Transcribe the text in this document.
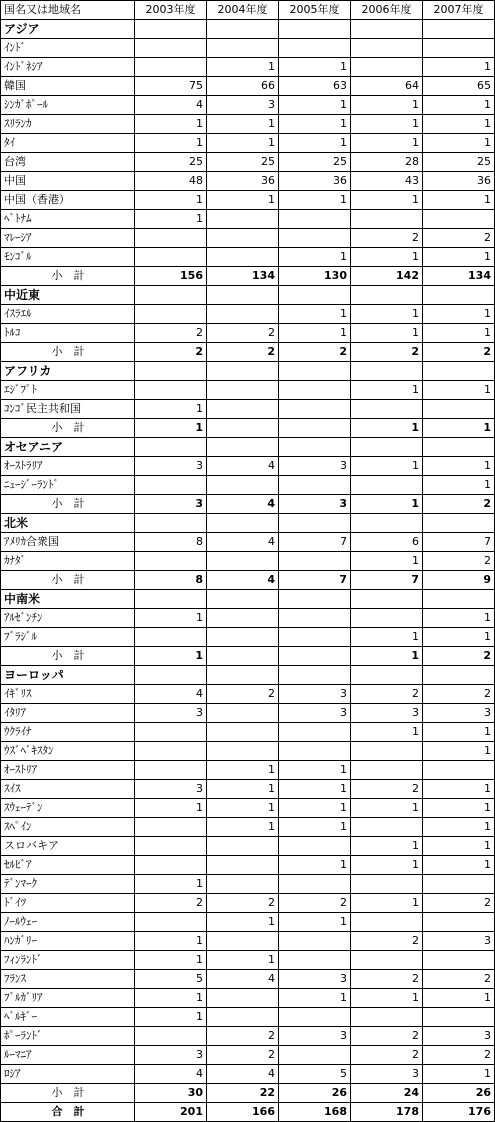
国名又は地域名	2003年度	2004年度	2005年度	2006年度	2007年度
アジア					
ｲﾝﾄﾞ					
ｲﾝﾄﾞﾈｼｱ		1	1		1
韓国	75	66	63	64	65
ｼﾝｶﾞﾎﾟｰﾙ	4	3	1	1	1
ｽﾘﾗﾝｶ	1	1	1	1	1
ﾀｲ	1	1	1	1	1
台湾	25	25	25	28	25
中国	48	36	36	43	36
中国（香港）	1	1	1	1	1
ﾍﾞﾄﾅﾑ	1				
ﾏﾚｰｼｱ				2	2
ﾓﾝｺﾞﾙ			1	1	1
小　計	156	134	130	142	134
中近東					
ｲｽﾗｴﾙ			1	1	1
ﾄﾙｺ	2	2	1	1	1
小　計	2	2	2	2	2
アフリカ					
ｴｼﾞﾌﾟﾄ				1	1
ｺﾝｺﾞ民主共和国	1				
小　計	1			1	1
オセアニア					
ｵｰｽﾄﾗﾘｱ	3	4	3	1	1
ﾆｭｰｼﾞｰﾗﾝﾄﾞ					1
小　計	3	4	3	1	2
北米					
ｱﾒﾘｶ合衆国	8	4	7	6	7
ｶﾅﾀﾞ				1	2
小　計	8	4	7	7	9
中南米					
ｱﾙｾﾞﾝﾁﾝ	1				1
ﾌﾞﾗｼﾞﾙ				1	1
小　計	1			1	2
ヨーロッパ					
ｲｷﾞﾘｽ	4	2	3	2	2
ｲﾀﾘｱ	3		3	3	3
ｳｸﾗｲﾅ				1	1
ｳｽﾞﾍﾞｷｽﾀﾝ					1
ｵｰｽﾄﾘｱ		1	1		
ｽｲｽ	3	1	1	2	1
ｽｳｪｰﾃﾞﾝ	1	1	1	1	1
ｽﾍﾟｲﾝ		1	1		1
スロバキア				1	1
ｾﾙﾋﾞｱ			1	1	1
ﾃﾞﾝﾏｰｸ	1				
ﾄﾞｲﾂ	2	2	2	1	2
ﾉｰﾙｳｪｰ		1	1		
ﾊﾝｶﾞﾘｰ	1			2	3
ﾌｨﾝﾗﾝﾄﾞ	1	1			
ﾌﾗﾝｽ	5	4	3	2	2
ﾌﾞﾙｶﾞﾘｱ	1		1	1	1
ﾍﾞﾙｷﾞｰ	1				
ﾎﾟｰﾗﾝﾄﾞ		2	3	2	3
ﾙｰﾏﾆｱ	3	2		2	2
ﾛｼｱ	4	4	5	3	1
小　計	30	22	26	24	26
合　計	201	166	168	178	176
